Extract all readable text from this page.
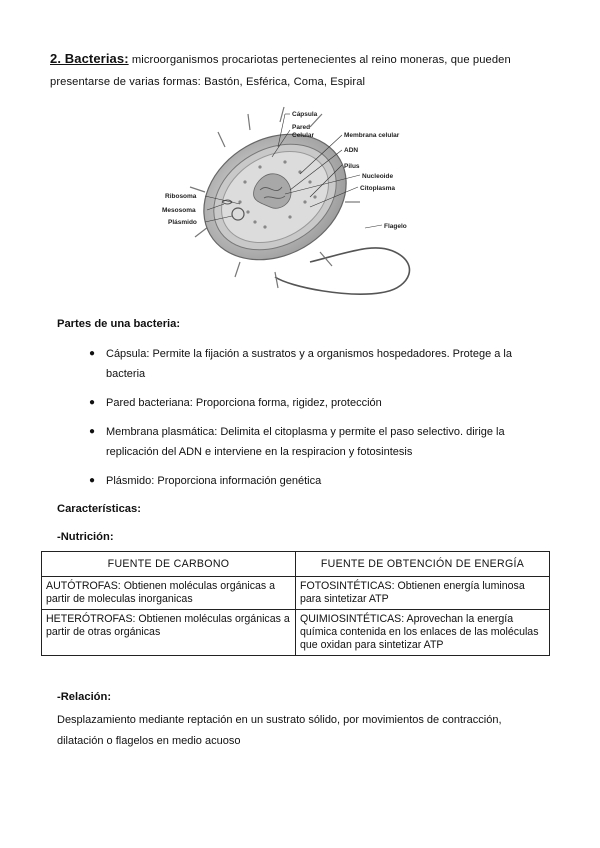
2. Bacterias: microorganismos procariotas pertenecientes al reino moneras, que pueden presentarse de varias formas: Bastón, Esférica, Coma, Espiral
Cápsula
Pared
Celular	Membrana celular
ADN
Pilus
Nucleoide
Citoplasma
Ribosoma
Mesosoma
Plásmido
Flagelo
Partes de una bacteria:
● Cápsula: Permite la fijación a sustratos y a organismos hospedadores. Protege a la bacteria
● Pared bacteriana: Proporciona forma, rigidez, protección
● Membrana plasmática: Delimita el citoplasma y permite el paso selectivo. dirige la replicación del ADN e interviene en la respiracion y fotosintesis
● Plásmido: Proporciona información genética
Características:
-Nutrición:
FUENTE DE CARBONO	FUENTE DE OBTENCIÓN DE ENERGÍA
AUTÓTROFAS: Obtienen moléculas orgánicas a partir de moleculas inorganicas	FOTOSINTÉTICAS: Obtienen energía luminosa para sintetizar ATP
HETERÓTROFAS: Obtienen moléculas orgánicas a partir de otras orgánicas	QUIMIOSINTÉTICAS: Aprovechan la energía química contenida en los enlaces de las moléculas que oxidan para sintetizar ATP
-Relación:
Desplazamiento mediante reptación en un sustrato sólido, por movimientos de contracción, dilatación o flagelos en medio acuoso
